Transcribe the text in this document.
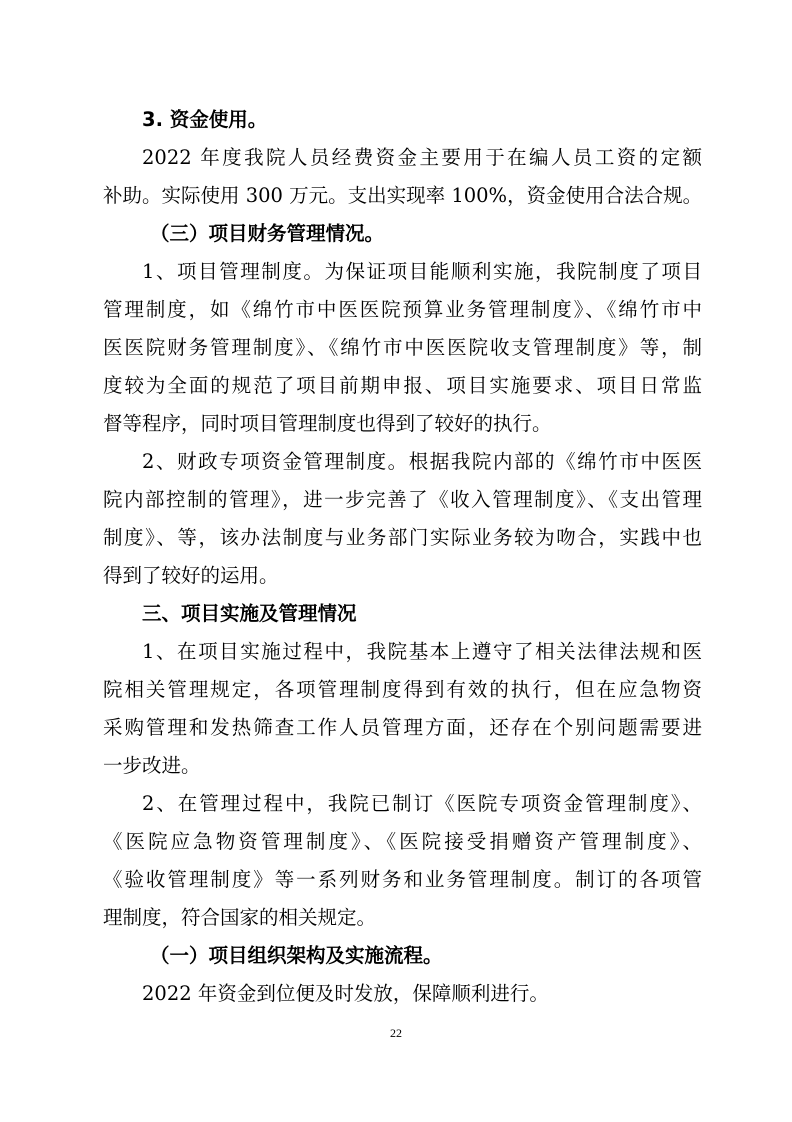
3. 资金使用。
2022 年度我院人员经费资金主要用于在编人员工资的定额
补助。实际使用 300 万元。支出实现率 100%，资金使用合法合规。
（三）项目财务管理情况。
1、项目管理制度。为保证项目能顺利实施，我院制度了项目
管理制度，如《绵竹市中医医院预算业务管理制度》、《绵竹市中
医医院财务管理制度》、《绵竹市中医医院收支管理制度》等，制
度较为全面的规范了项目前期申报、项目实施要求、项目日常监
督等程序，同时项目管理制度也得到了较好的执行。
2、财政专项资金管理制度。根据我院内部的《绵竹市中医医
院内部控制的管理》，进一步完善了《收入管理制度》、《支出管理
制度》、等，该办法制度与业务部门实际业务较为吻合，实践中也
得到了较好的运用。
三、项目实施及管理情况
1、在项目实施过程中，我院基本上遵守了相关法律法规和医
院相关管理规定，各项管理制度得到有效的执行，但在应急物资
采购管理和发热筛查工作人员管理方面，还存在个别问题需要进
一步改进。
2、在管理过程中，我院已制订《医院专项资金管理制度》、
《医院应急物资管理制度》、《医院接受捐赠资产管理制度》、
《验收管理制度》等一系列财务和业务管理制度。制订的各项管
理制度，符合国家的相关规定。
（一）项目组织架构及实施流程。
2022 年资金到位便及时发放，保障顺利进行。
22
